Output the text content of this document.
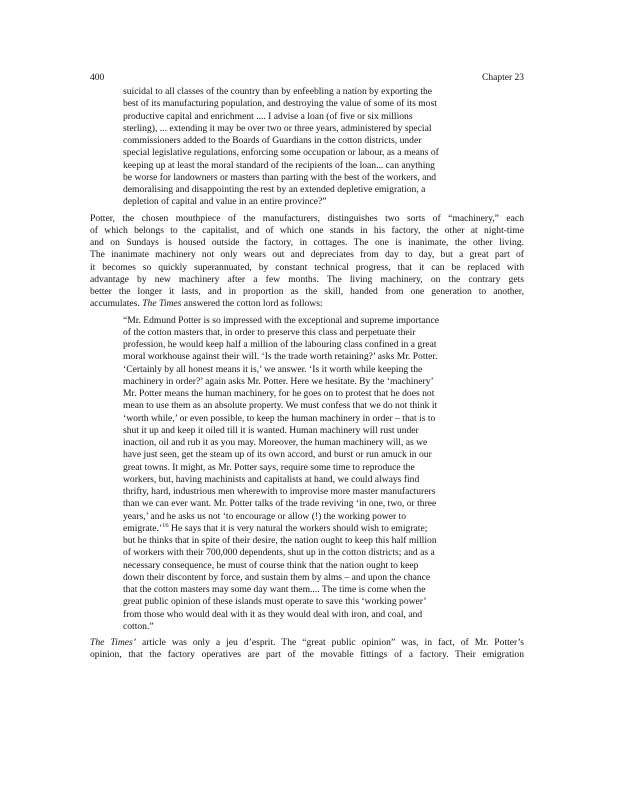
400	Chapter 23
suicidal to all classes of the country than by enfeebling a nation by exporting the
best of its manufacturing population, and destroying the value of some of its most
productive capital and enrichment .... I advise a loan (of five or six millions
sterling), ... extending it may be over two or three years, administered by special
commissioners added to the Boards of Guardians in the cotton districts, under
special legislative regulations, enforcing some occupation or labour, as a means of
keeping up at least the moral standard of the recipients of the loan... can anything
be worse for landowners or masters than parting with the best of the workers, and
demoralising and disappointing the rest by an extended depletive emigration, a
depletion of capital and value in an entire province?”
Potter, the chosen mouthpiece of the manufacturers, distinguishes two sorts of “machinery,” each
of which belongs to the capitalist, and of which one stands in his factory, the other at night-time
and on Sundays is housed outside the factory, in cottages. The one is inanimate, the other living.
The inanimate machinery not only wears out and depreciates from day to day, but a great part of
it becomes so quickly superannuated, by constant technical progress, that it can be replaced with
advantage by new machinery after a few months. The living machinery, on the contrary gets
better the longer it lasts, and in proportion as the skill, handed from one generation to another,
accumulates. The Times answered the cotton lord as follows:
“Mr. Edmund Potter is so impressed with the exceptional and supreme importance
of the cotton masters that, in order to preserve this class and perpetuate their
profession, he would keep half a million of the labouring class confined in a great
moral workhouse against their will. ‘Is the trade worth retaining?’ asks Mr. Potter.
‘Certainly by all honest means it is,’ we answer. ‘Is it worth while keeping the
machinery in order?’ again asks Mr. Potter. Here we hesitate. By the ‘machinery’
Mr. Potter means the human machinery, for he goes on to protest that he does not
mean to use them as an absolute property. We must confess that we do not think it
‘worth while,’ or even possible, to keep the human machinery in order – that is to
shut it up and keep it oiled till it is wanted. Human machinery will rust under
inaction, oil and rub it as you may. Moreover, the human machinery will, as we
have just seen, get the steam up of its own accord, and burst or run amuck in our
great towns. It might, as Mr. Potter says, require some time to reproduce the
workers, but, having machinists and capitalists at hand, we could always find
thrifty, hard, industrious men wherewith to improvise more master manufacturers
than we can ever want. Mr. Potter talks of the trade reviving ‘in one, two, or three
years,’ and he asks us not ‘to encourage or allow (!) the working power to
emigrate.’$^{16}$ He says that it is very natural the workers should wish to emigrate;
but he thinks that in spite of their desire, the nation ought to keep this half million
of workers with their 700,000 dependents, shut up in the cotton districts; and as a
necessary consequence, he must of course think that the nation ought to keep
down their discontent by force, and sustain them by alms – and upon the chance
that the cotton masters may some day want them.... The time is come when the
great public opinion of these islands must operate to save this ‘working power’
from those who would deal with it as they would deal with iron, and coal, and
cotton.”
The Times’ article was only a jeu d’esprit. The “great public opinion” was, in fact, of Mr. Potter’s
opinion, that the factory operatives are part of the movable fittings of a factory. Their emigration
